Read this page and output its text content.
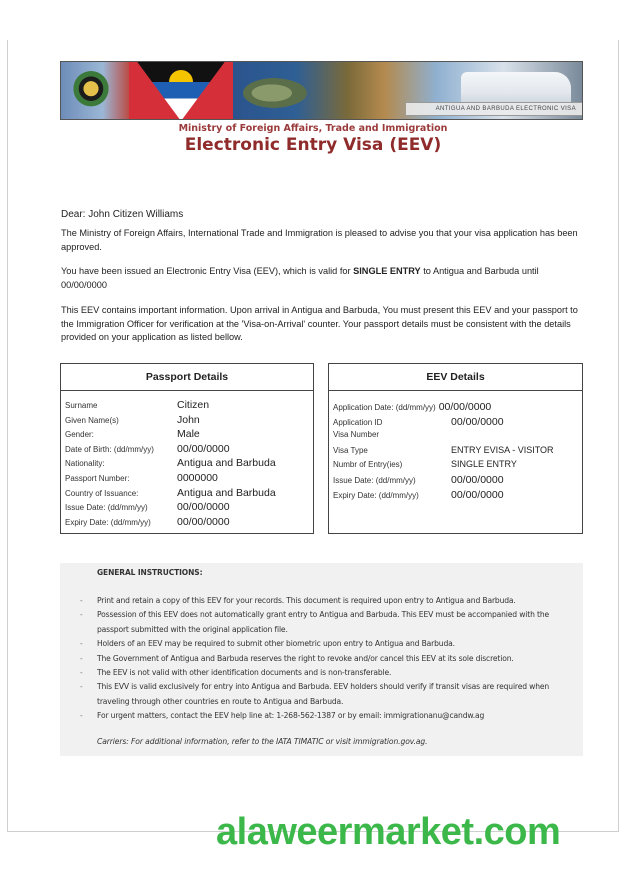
ANTIGUA AND BARBUDA ELECTRONIC VISA
Ministry of Foreign Affairs, Trade and Immigration
Electronic Entry Visa (EEV)
Dear: John Citizen Williams
The Ministry of Foreign Affairs, International Trade and Immigration is pleased to advise you that your visa application has been approved.
You have been issued an Electronic Entry Visa (EEV), which is valid for SINGLE ENTRY to Antigua and Barbuda until 00/00/0000
This EEV contains important information. Upon arrival in Antigua and Barbuda, You must present this EEV and your passport to the Immigration Officer for verification at the 'Visa-on-Arrival' counter. Your passport details must be consistent with the details provided on your application as listed bellow.
Passport Details
Surname	Citizen
Given Name(s)	John
Gender:	Male
Date of Birth: (dd/mm/yy)	00/00/0000
Nationality:	Antigua and Barbuda
Passport Number:	0000000
Country of Issuance:	Antigua and Barbuda
Issue Date: (dd/mm/yy)	00/00/0000
Expiry Date: (dd/mm/yy)	00/00/0000
EEV Details
Application Date: (dd/mm/yy) 00/00/0000
Application ID	00/00/0000
Visa Number
Visa Type	ENTRY EVISA - VISITOR
Numbr of Entry(ies)	SINGLE ENTRY
Issue Date: (dd/mm/yy)	00/00/0000
Expiry Date: (dd/mm/yy)	00/00/0000
GENERAL INSTRUCTIONS:
- Print and retain a copy of this EEV for your records. This document is required upon entry to Antigua and Barbuda.
- Possession of this EEV does not automatically grant entry to Antigua and Barbuda. This EEV must be accompanied with the passport submitted with the original application file.
- Holders of an EEV may be required to submit other biometric upon entry to Antigua and Barbuda.
- The Government of Antigua and Barbuda reserves the right to revoke and/or cancel this EEV at its sole discretion.
- The EEV is not valid with other identification documents and is non-transferable.
- This EVV is valid exclusively for entry into Antigua and Barbuda. EEV holders should verify if transit visas are required when traveling through other countries en route to Antigua and Barbuda.
- For urgent matters, contact the EEV help line at: 1-268-562-1387 or by email: immigrationanu@candw.ag
Carriers: For additional information, refer to the IATA TIMATIC or visit immigration.gov.ag.
alaweermarket.com
